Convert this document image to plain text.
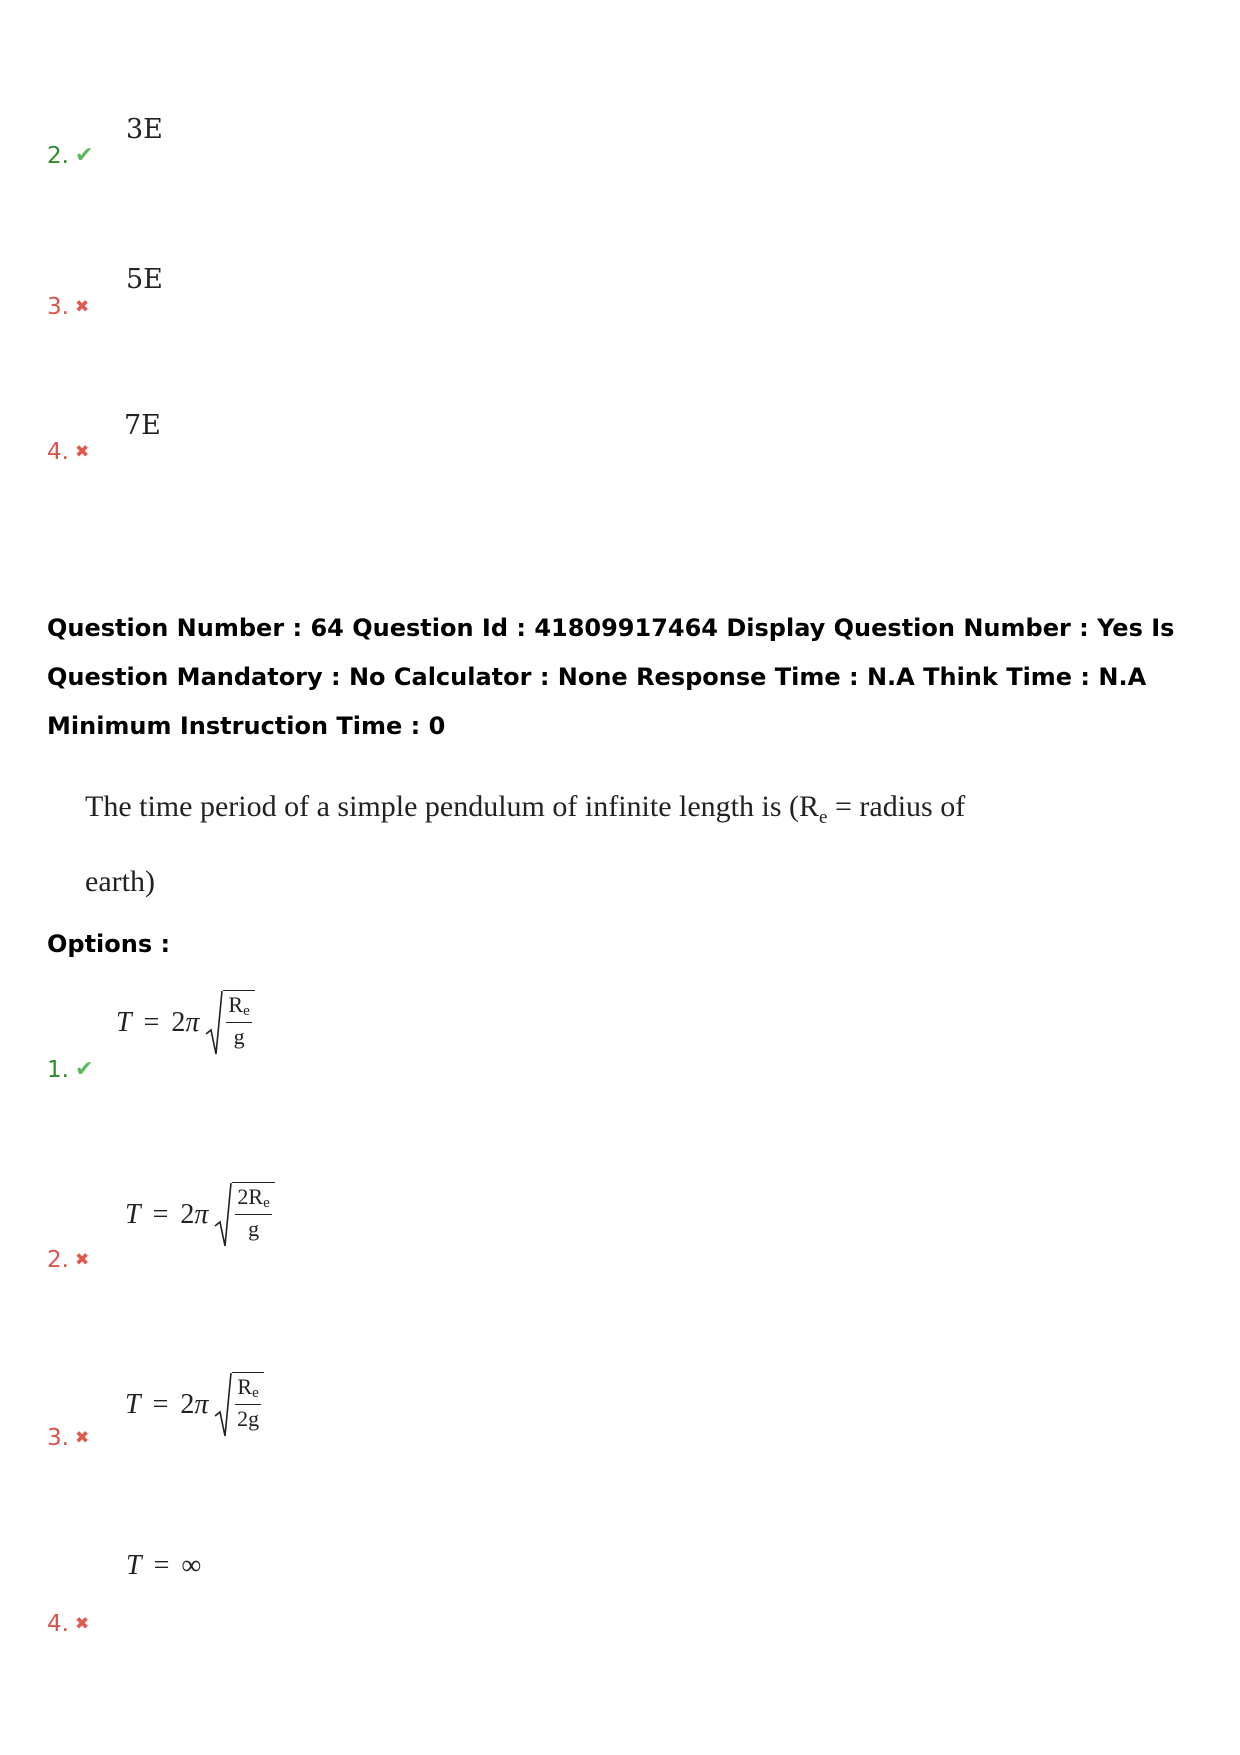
2. ✔
3E
3. ✖
5E
4. ✖
7E
Question Number : 64 Question Id : 41809917464 Display Question Number : Yes Is Question Mandatory : No Calculator : None Response Time : N.A Think Time : N.A Minimum Instruction Time : 0
The time period of a simple pendulum of infinite length is ($R_e$ = radius of
earth)
Options :
1. ✔
T = 2 π $\frac{R_e}{g}$
2. ✖
T = 2 π $\frac{2R_e}{g}$
3. ✖
T = 2 π $\frac{R_e}{2g}$
4. ✖
T = ∞
